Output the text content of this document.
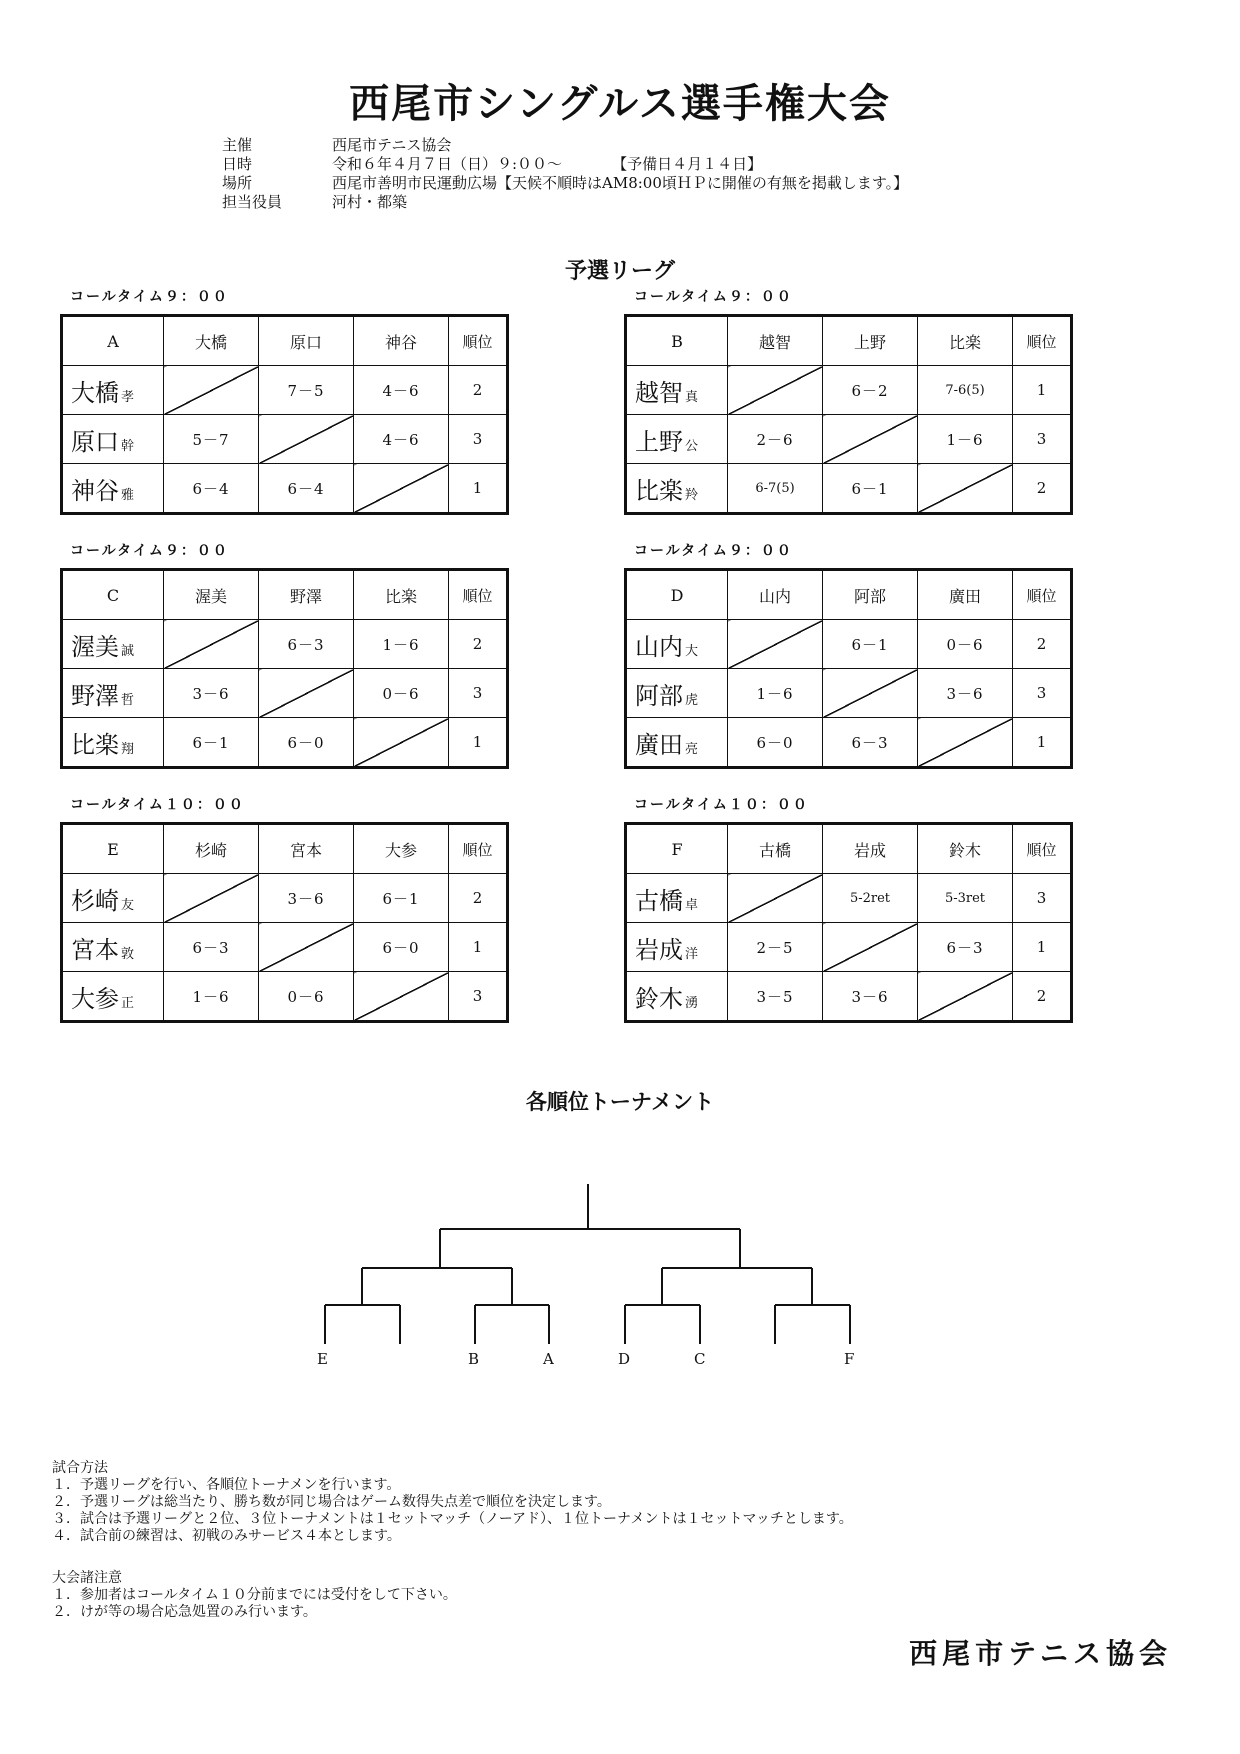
西尾市シングルス選手権大会
主催	西尾市テニス協会
日時	令和６年４月７日（日）９:００～	【予備日４月１４日】
場所	西尾市善明市民運動広場【天候不順時はAM8:00頃ＨＰに開催の有無を掲載します。】
担当役員	河村・都築
予選リーグ
コールタイム９：００
A	大橋	原口	神谷	順位
大橋 孝		7－5	4－6	2
原口 幹	5－7		4－6	3
神谷 雅	6－4	6－4		1
コールタイム９：００
B	越智	上野	比楽	順位
越智 真		6－2	7-6(5)	1
上野 公	2－6		1－6	3
比楽 羚	6-7(5)	6－1		2
コールタイム９：００
C	渥美	野澤	比楽	順位
渥美 誠		6－3	1－6	2
野澤 哲	3－6		0－6	3
比楽 翔	6－1	6－0		1
コールタイム９：００
D	山内	阿部	廣田	順位
山内 大		6－1	0－6	2
阿部 虎	1－6		3－6	3
廣田 亮	6－0	6－3		1
コールタイム１０：００
E	杉崎	宮本	大参	順位
杉崎 友		3－6	6－1	2
宮本 敦	6－3		6－0	1
大参 正	1－6	0－6		3
コールタイム１０：００
F	古橋	岩成	鈴木	順位
古橋 卓		5-2ret	5-3ret	3
岩成 洋	2－5		6－3	1
鈴木 湧	3－5	3－6		2
各順位トーナメント
E	B	A	D	C	F
試合方法
１．予選リーグを行い、各順位トーナメンを行います。
２．予選リーグは総当たり、勝ち数が同じ場合はゲーム数得失点差で順位を決定します。
３．試合は予選リーグと２位、３位トーナメントは１セットマッチ（ノーアド）、１位トーナメントは１セットマッチとします。
４．試合前の練習は、初戦のみサービス４本とします。
大会諸注意
１．参加者はコールタイム１０分前までには受付をして下さい。
２．けが等の場合応急処置のみ行います。
西尾市テニス協会
